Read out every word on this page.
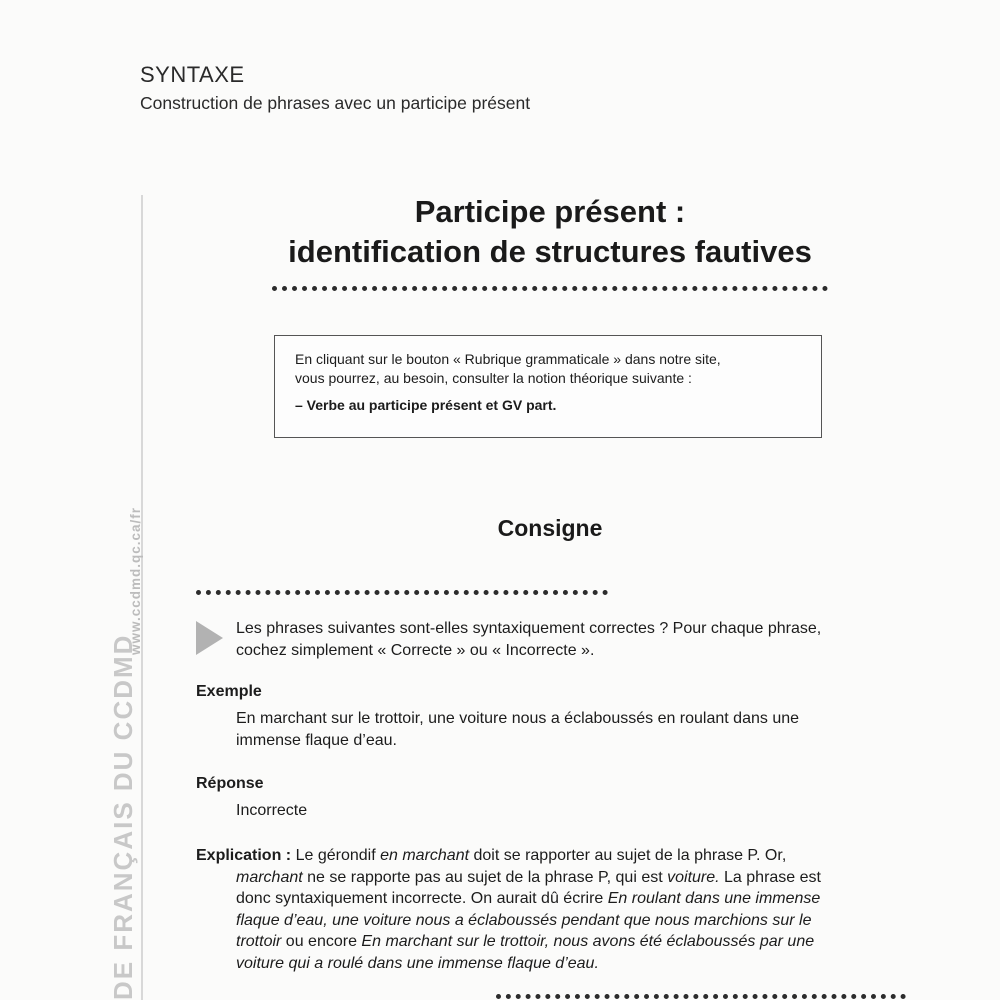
SYNTAXE
Construction de phrases avec un participe présent
www.ccdmd.qc.ca/fr
DE FRANÇAIS DU CCDMD
Participe présent :
identification de structures fautives
En cliquant sur le bouton « Rubrique grammaticale » dans notre site,
vous pourrez, au besoin, consulter la notion théorique suivante :
– Verbe au participe présent et GV part.
Consigne
Les phrases suivantes sont-elles syntaxiquement correctes ? Pour chaque phrase,
cochez simplement « Correcte » ou « Incorrecte ».
Exemple
En marchant sur le trottoir, une voiture nous a éclaboussés en roulant dans une
immense flaque d’eau.
Réponse
Incorrecte
Explication : Le gérondif en marchant doit se rapporter au sujet de la phrase P. Or,
marchant ne se rapporte pas au sujet de la phrase P, qui est voiture. La phrase est
donc syntaxiquement incorrecte. On aurait dû écrire En roulant dans une immense
flaque d’eau, une voiture nous a éclaboussés pendant que nous marchions sur le
trottoir ou encore En marchant sur le trottoir, nous avons été éclaboussés par une
voiture qui a roulé dans une immense flaque d’eau.
